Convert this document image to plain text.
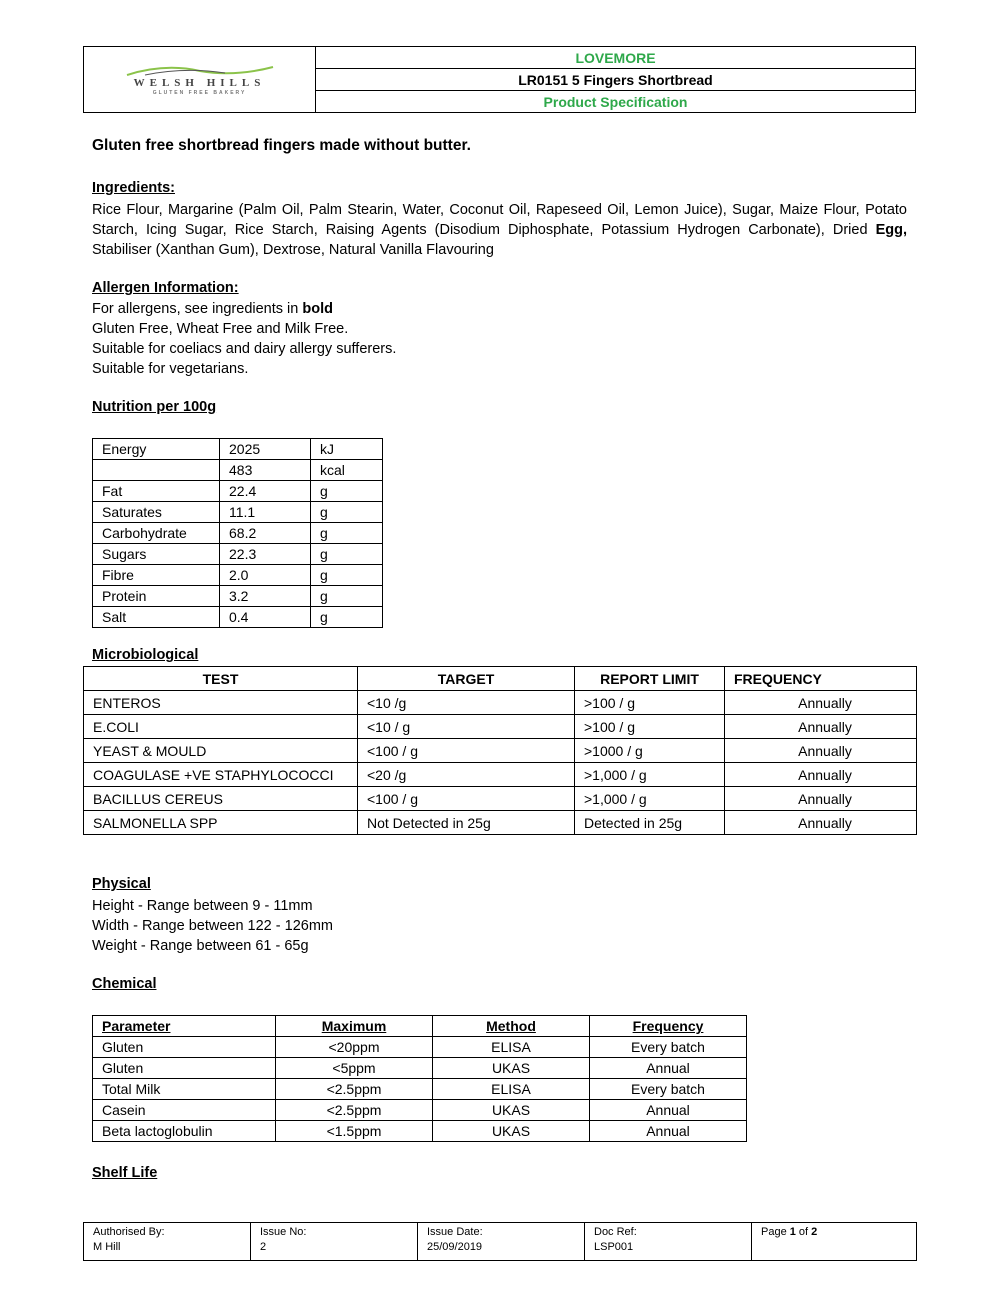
WELSH HILLS
GLUTEN FREE BAKERY
	LOVEMORE
LR0151 5 Fingers Shortbread
Product Specification
Gluten free shortbread fingers made without butter.
Ingredients:
Rice Flour, Margarine (Palm Oil, Palm Stearin, Water, Coconut Oil, Rapeseed Oil, Lemon Juice), Sugar, Maize Flour, Potato Starch, Icing Sugar, Rice Starch, Raising Agents (Disodium Diphosphate, Potassium Hydrogen Carbonate), Dried Egg, Stabiliser (Xanthan Gum), Dextrose, Natural Vanilla Flavouring
Allergen Information:
For allergens, see ingredients in bold
Gluten Free, Wheat Free and Milk Free.
Suitable for coeliacs and dairy allergy sufferers.
Suitable for vegetarians.
Nutrition per 100g
Energy	2025	kJ
	483	kcal
Fat	22.4	g
Saturates	11.1	g
Carbohydrate	68.2	g
Sugars	22.3	g
Fibre	2.0	g
Protein	3.2	g
Salt	0.4	g
Microbiological
TEST	TARGET	REPORT LIMIT	FREQUENCY
ENTEROS	<10 /g	>100 / g	Annually
E.COLI	<10 / g	>100 / g	Annually
YEAST & MOULD	<100 / g	>1000 / g	Annually
COAGULASE +VE STAPHYLOCOCCI	<20 /g	>1,000 / g	Annually
BACILLUS CEREUS	<100 / g	>1,000 / g	Annually
SALMONELLA SPP	Not Detected in 25g	Detected in 25g	Annually
Physical
Height - Range between 9 - 11mm
Width - Range between 122 - 126mm
Weight - Range between 61 - 65g
Chemical
Parameter	Maximum	Method	Frequency
Gluten	<20ppm	ELISA	Every batch
Gluten	<5ppm	UKAS	Annual
Total Milk	<2.5ppm	ELISA	Every batch
Casein	<2.5ppm	UKAS	Annual
Beta lactoglobulin	<1.5ppm	UKAS	Annual
Shelf Life
Authorised By:
M Hill	Issue No:
2	Issue Date:
25/09/2019	Doc Ref:
LSP001	Page 1 of 2
